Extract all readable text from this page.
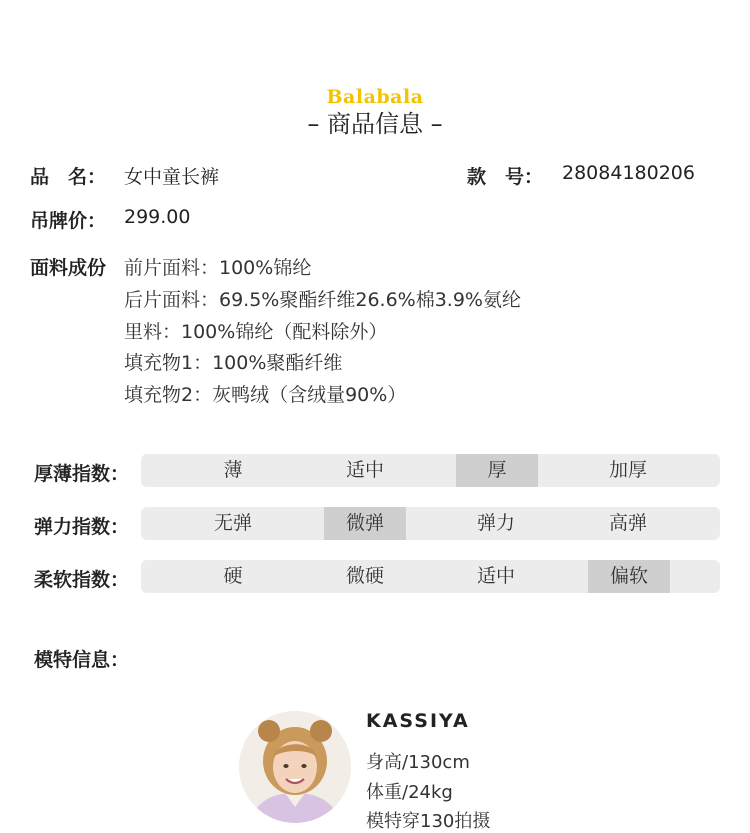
Balabala
– 商品信息 –
品　名： 女中童长裤	款　号： 28084180206
吊牌价： 299.00
面料成份 前片面料：100%锦纶
后片面料：69.5%聚酯纤维26.6%棉3.9%氨纶
里料：100%锦纶（配料除外）
填充物1：100%聚酯纤维
填充物2：灰鸭绒（含绒量90%）
厚薄指数：	薄	适中	厚	加厚
弹力指数：	无弹	微弹	弹力	高弹
柔软指数：	硬	微硬	适中	偏软
模特信息：
KASSIYA
身高/130cm
体重/24kg
模特穿130拍摄
